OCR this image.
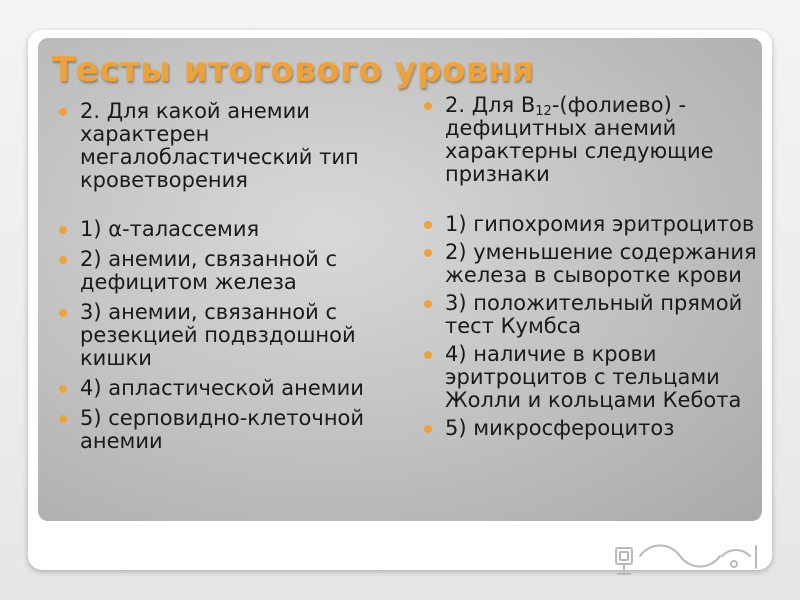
Тесты итогового уровня
2. Для какой анемии характерен мегалобластический тип кроветворения
1) α-талассемия
2) анемии, связанной с дефицитом железа
3) анемии, связанной с резекцией подвздошной кишки
4) апластической анемии
5) серповидно-клеточной анемии
2. Для $B_{12}-(фолиево)$ - дефицитных анемий характерны следующие признаки
1) гипохромия эритроцитов
2) уменьшение содержания железа в сыворотке крови
3) положительный прямой тест Кумбса
4) наличие в крови эритроцитов с тельцами Жолли и кольцами Кебота
5) микросфероцитоз
